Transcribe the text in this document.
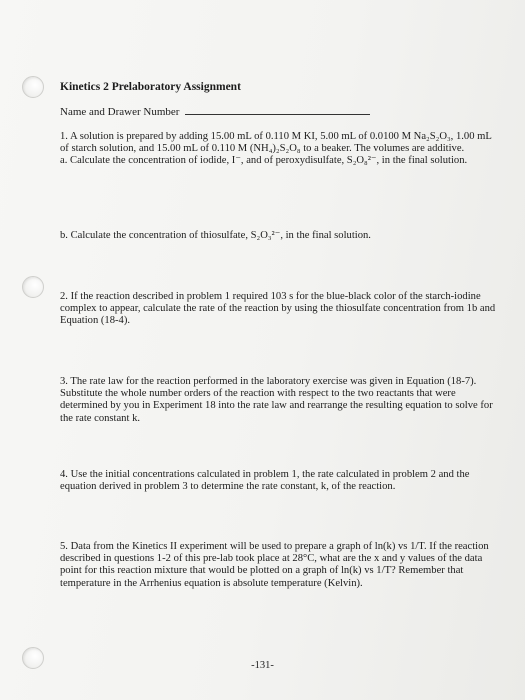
Kinetics 2 Prelaboratory Assignment
Name and Drawer Number
1. A solution is prepared by adding 15.00 mL of 0.110 M KI, 5.00 mL of 0.0100 M Na₂S₂O₃, 1.00 mL of starch solution, and 15.00 mL of 0.110 M (NH₄)₂S₂O₈ to a beaker. The volumes are additive.
a. Calculate the concentration of iodide, I⁻, and of peroxydisulfate, S₂O₈²⁻, in the final solution.
b. Calculate the concentration of thiosulfate, S₂O₃²⁻, in the final solution.
2. If the reaction described in problem 1 required 103 s for the blue-black color of the starch-iodine complex to appear, calculate the rate of the reaction by using the thiosulfate concentration from 1b and Equation (18-4).
3. The rate law for the reaction performed in the laboratory exercise was given in Equation (18-7). Substitute the whole number orders of the reaction with respect to the two reactants that were determined by you in Experiment 18 into the rate law and rearrange the resulting equation to solve for the rate constant k.
4. Use the initial concentrations calculated in problem 1, the rate calculated in problem 2 and the equation derived in problem 3 to determine the rate constant, k, of the reaction.
5. Data from the Kinetics II experiment will be used to prepare a graph of ln(k) vs 1/T. If the reaction described in questions 1-2 of this pre-lab took place at 28°C, what are the x and y values of the data point for this reaction mixture that would be plotted on a graph of ln(k) vs 1/T? Remember that temperature in the Arrhenius equation is absolute temperature (Kelvin).
-131-
